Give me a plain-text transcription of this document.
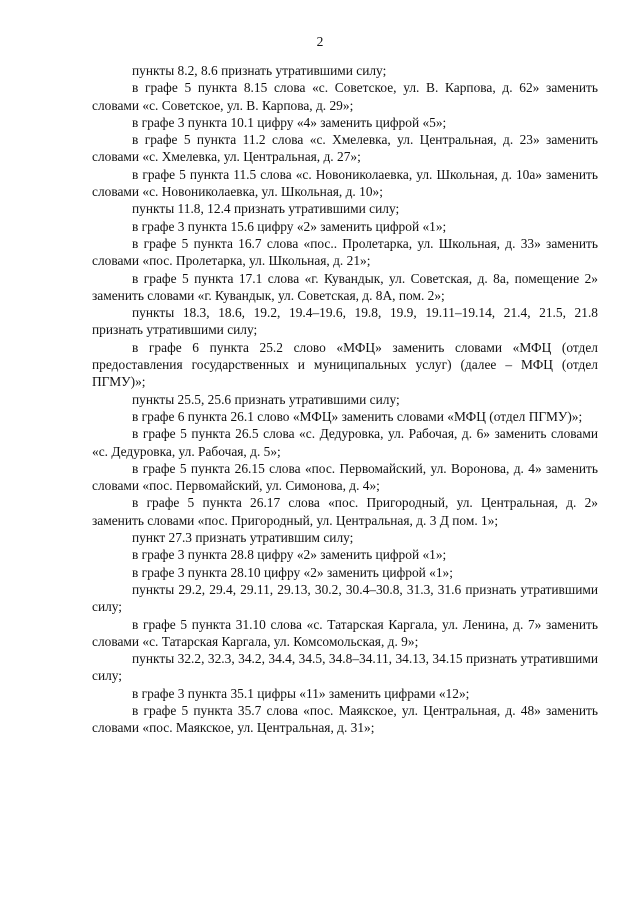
2

пункты 8.2, 8.6 признать утратившими силу;

в графе 5 пункта 8.15 слова «с. Советское, ул. В. Карпова, д. 62» заменить словами «с. Советское, ул. В. Карпова, д. 29»;

в графе 3 пункта 10.1 цифру «4» заменить цифрой «5»;

в графе 5 пункта 11.2 слова «с. Хмелевка, ул. Центральная, д. 23» заменить словами «с. Хмелевка, ул. Центральная, д. 27»;

в графе 5 пункта 11.5 слова «с. Новониколаевка, ул. Школьная, д. 10а» заменить словами «с. Новониколаевка, ул. Школьная, д. 10»;

пункты 11.8, 12.4 признать утратившими силу;

в графе 3 пункта 15.6 цифру «2» заменить цифрой «1»;

в графе 5 пункта 16.7 слова «пос.. Пролетарка, ул. Школьная, д. 33» заменить словами «пос. Пролетарка, ул. Школьная, д. 21»;

в графе 5 пункта 17.1 слова «г. Кувандык, ул. Советская, д. 8а, помещение 2» заменить словами «г. Кувандык, ул. Советская, д. 8А, пом. 2»;

пункты 18.3, 18.6, 19.2, 19.4–19.6, 19.8, 19.9, 19.11–19.14, 21.4, 21.5, 21.8 признать утратившими силу;

в графе 6 пункта 25.2 слово «МФЦ» заменить словами «МФЦ (отдел предоставления государственных и муниципальных услуг) (далее – МФЦ (отдел ПГМУ)»;

пункты 25.5, 25.6 признать утратившими силу;

в графе 6 пункта 26.1 слово «МФЦ» заменить словами «МФЦ (отдел ПГМУ)»;

в графе 5 пункта 26.5 слова «с. Дедуровка, ул. Рабочая, д. 6» заменить словами «с. Дедуровка, ул. Рабочая, д. 5»;

в графе 5 пункта 26.15 слова «пос. Первомайский, ул. Воронова, д. 4» заменить словами «пос. Первомайский, ул. Симонова, д. 4»;

в графе 5 пункта 26.17 слова «пос. Пригородный, ул. Центральная, д. 2» заменить словами «пос. Пригородный, ул. Центральная, д. 3 Д пом. 1»;

пункт 27.3 признать утратившим силу;

в графе 3 пункта 28.8 цифру «2» заменить цифрой «1»;

в графе 3 пункта 28.10 цифру «2» заменить цифрой «1»;

пункты 29.2, 29.4, 29.11, 29.13, 30.2, 30.4–30.8, 31.3, 31.6 признать утратившими силу;

в графе 5 пункта 31.10 слова «с. Татарская Каргала, ул. Ленина, д. 7» заменить словами «с. Татарская Каргала, ул. Комсомольская, д. 9»;

пункты 32.2, 32.3, 34.2, 34.4, 34.5, 34.8–34.11, 34.13, 34.15 признать утратившими силу;

в графе 3 пункта 35.1 цифры «11» заменить цифрами «12»;

в графе 5 пункта 35.7 слова «пос. Маякское, ул. Центральная, д. 48» заменить словами «пос. Маякское, ул. Центральная, д. 31»;
